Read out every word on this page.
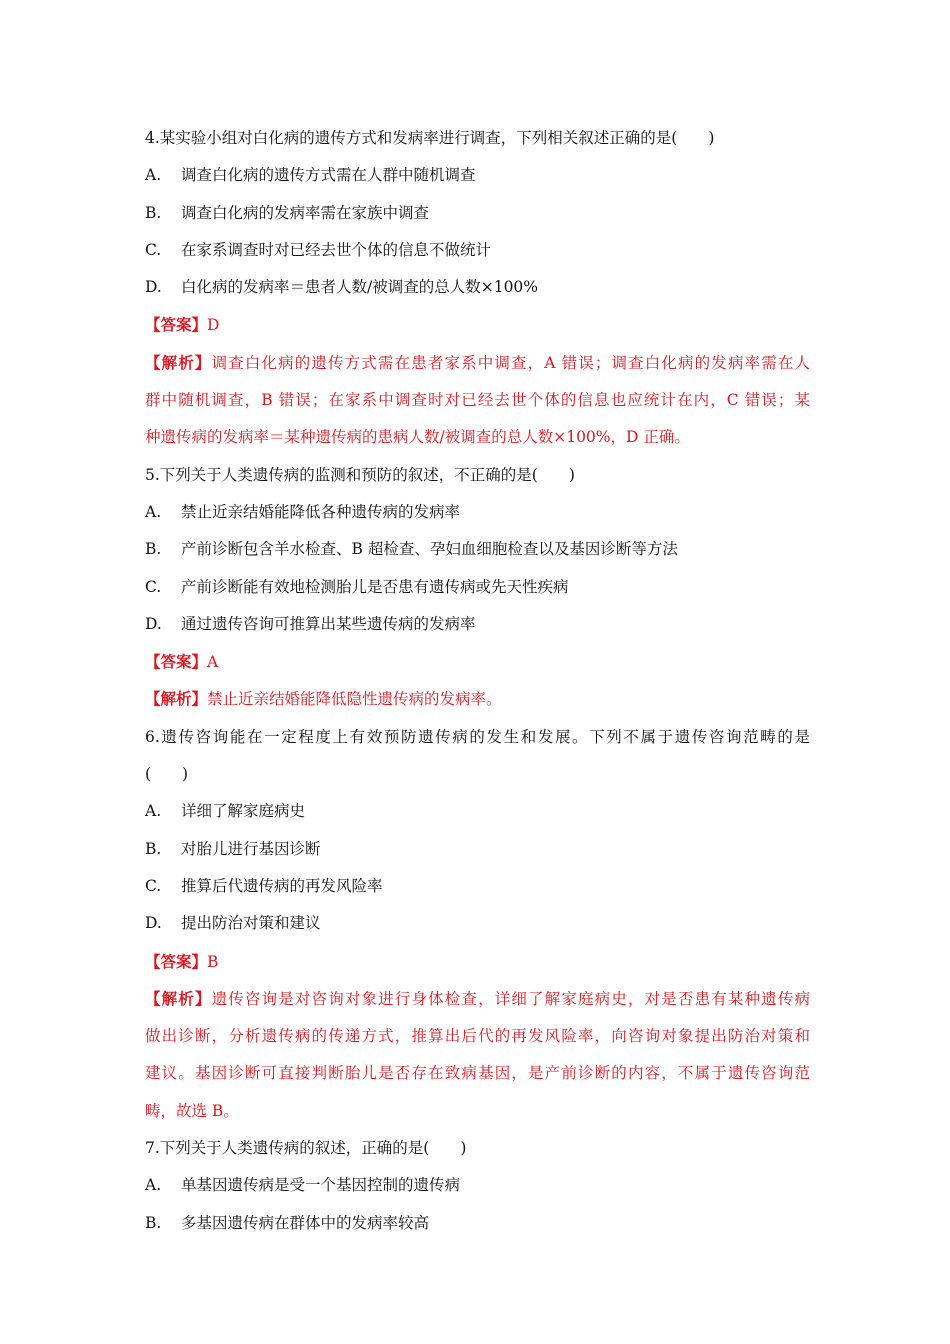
4.某实验小组对白化病的遗传方式和发病率进行调查，下列相关叙述正确的是(　　)
A. 调查白化病的遗传方式需在人群中随机调查
B. 调查白化病的发病率需在家族中调查
C. 在家系调查时对已经去世个体的信息不做统计
D. 白化病的发病率＝患者人数/被调查的总人数×100%
【答案】D
【解析】调查白化病的遗传方式需在患者家系中调查，A 错误；调查白化病的发病率需在人
群中随机调查，B 错误；在家系中调查时对已经去世个体的信息也应统计在内，C 错误；某
种遗传病的发病率＝某种遗传病的患病人数/被调查的总人数×100%，D 正确。
5.下列关于人类遗传病的监测和预防的叙述，不正确的是(　　)
A. 禁止近亲结婚能降低各种遗传病的发病率
B. 产前诊断包含羊水检查、B 超检查、孕妇血细胞检查以及基因诊断等方法
C. 产前诊断能有效地检测胎儿是否患有遗传病或先天性疾病
D. 通过遗传咨询可推算出某些遗传病的发病率
【答案】A
【解析】禁止近亲结婚能降低隐性遗传病的发病率。
6.遗传咨询能在一定程度上有效预防遗传病的发生和发展。下列不属于遗传咨询范畴的是
(　　)
A. 详细了解家庭病史
B. 对胎儿进行基因诊断
C. 推算后代遗传病的再发风险率
D. 提出防治对策和建议
【答案】B
【解析】遗传咨询是对咨询对象进行身体检查，详细了解家庭病史，对是否患有某种遗传病
做出诊断，分析遗传病的传递方式，推算出后代的再发风险率，向咨询对象提出防治对策和
建议。基因诊断可直接判断胎儿是否存在致病基因，是产前诊断的内容，不属于遗传咨询范
畴，故选 B。
7.下列关于人类遗传病的叙述，正确的是(　　)
A. 单基因遗传病是受一个基因控制的遗传病
B. 多基因遗传病在群体中的发病率较高
